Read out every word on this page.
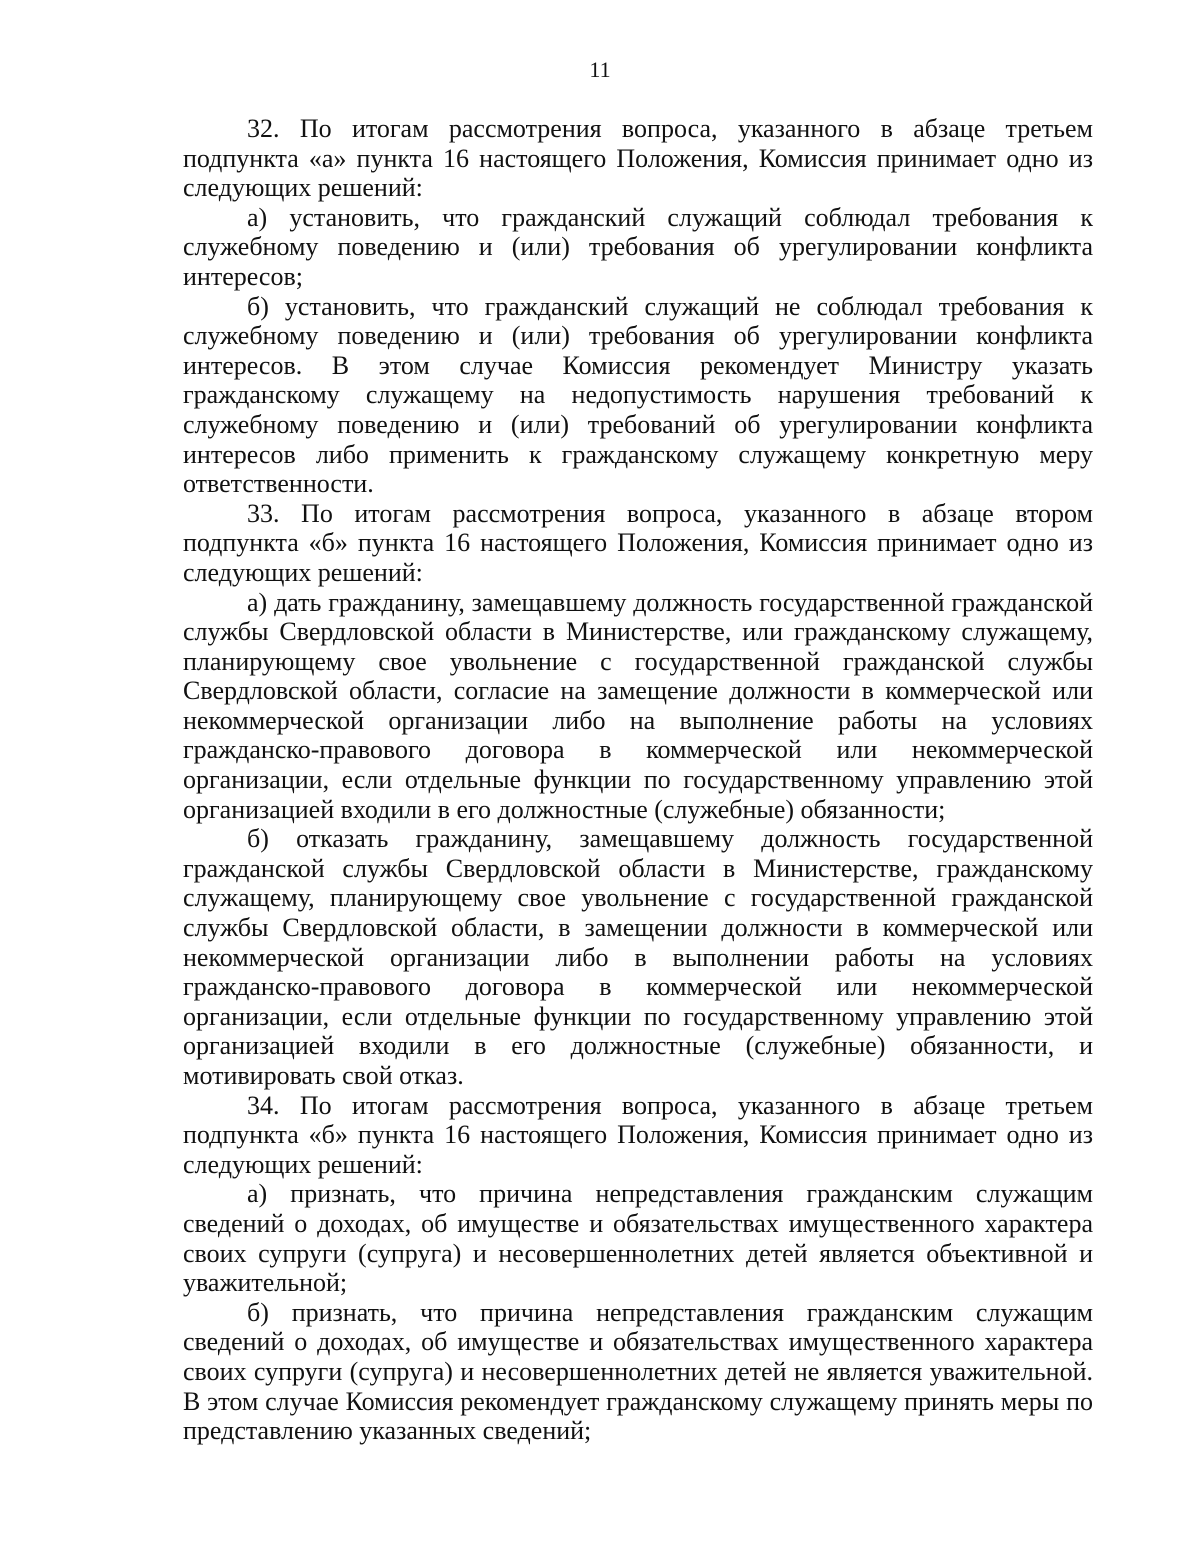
11

32. По итогам рассмотрения вопроса, указанного в абзаце третьем подпункта «а» пункта 16 настоящего Положения, Комиссия принимает одно из следующих решений:

а) установить, что гражданский служащий соблюдал требования к служебному поведению и (или) требования об урегулировании конфликта интересов;

б) установить, что гражданский служащий не соблюдал требования к служебному поведению и (или) требования об урегулировании конфликта интересов. В этом случае Комиссия рекомендует Министру указать гражданскому служащему на недопустимость нарушения требований к служебному поведению и (или) требований об урегулировании конфликта интересов либо применить к гражданскому служащему конкретную меру ответственности.

33. По итогам рассмотрения вопроса, указанного в абзаце втором подпункта «б» пункта 16 настоящего Положения, Комиссия принимает одно из следующих решений:

а) дать гражданину, замещавшему должность государственной гражданской службы Свердловской области в Министерстве, или гражданскому служащему, планирующему свое увольнение с государственной гражданской службы Свердловской области, согласие на замещение должности в коммерческой или некоммерческой организации либо на выполнение работы на условиях гражданско-правового договора в коммерческой или некоммерческой организации, если отдельные функции по государственному управлению этой организацией входили в его должностные (служебные) обязанности;

б) отказать гражданину, замещавшему должность государственной гражданской службы Свердловской области в Министерстве, гражданскому служащему, планирующему свое увольнение с государственной гражданской службы Свердловской области, в замещении должности в коммерческой или некоммерческой организации либо в выполнении работы на условиях гражданско-правового договора в коммерческой или некоммерческой организации, если отдельные функции по государственному управлению этой организацией входили в его должностные (служебные) обязанности, и мотивировать свой отказ.

34. По итогам рассмотрения вопроса, указанного в абзаце третьем подпункта «б» пункта 16 настоящего Положения, Комиссия принимает одно из следующих решений:

а) признать, что причина непредставления гражданским служащим сведений о доходах, об имуществе и обязательствах имущественного характера своих супруги (супруга) и несовершеннолетних детей является объективной и уважительной;

б) признать, что причина непредставления гражданским служащим сведений о доходах, об имуществе и обязательствах имущественного характера своих супруги (супруга) и несовершеннолетних детей не является уважительной. В этом случае Комиссия рекомендует гражданскому служащему принять меры по представлению указанных сведений;
